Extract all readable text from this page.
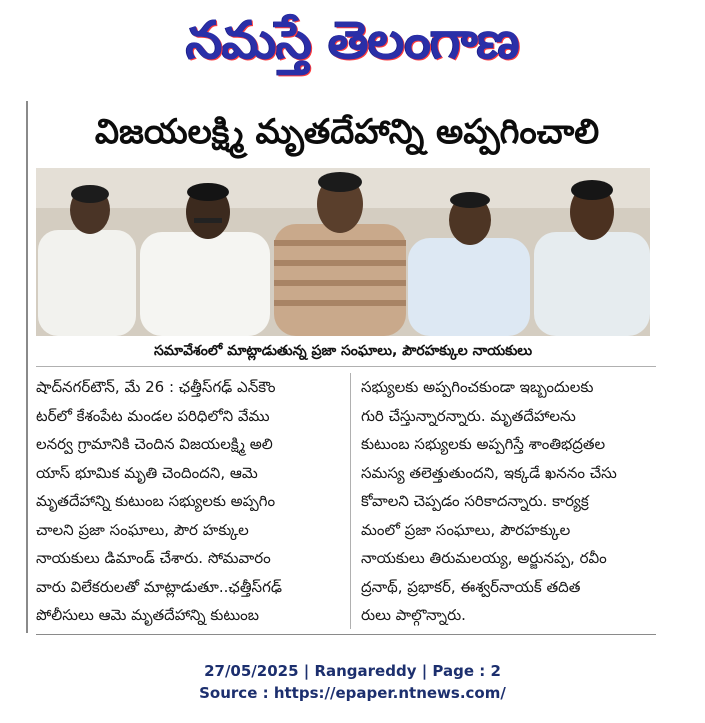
నమస్తే తెలంగాణ
విజయలక్ష్మి మృతదేహాన్ని అప్పగించాలి
సమావేశంలో మాట్లాడుతున్న ప్రజా సంఘాలు, పౌరహక్కుల నాయకులు

షాద్‌నగర్‌టౌన్, మే 26 : ఛత్తీస్‌గఢ్ ఎన్‌కౌం

టర్‌లో కేశంపేట మండల పరిధిలోని వేము

లనర్వ గ్రామానికి చెందిన విజయలక్ష్మి అలి

యాస్ భూమిక మృతి చెందిందని, ఆమె

మృతదేహాన్ని కుటుంబ సభ్యులకు అప్పగిం

చాలని ప్రజా సంఘాలు, పౌర హక్కుల

నాయకులు డిమాండ్ చేశారు. సోమవారం

వారు విలేకరులతో మాట్లాడుతూ..ఛత్తీస్‌గఢ్

పోలీసులు ఆమె మృతదేహాన్ని కుటుంబ

సభ్యులకు అప్పగించకుండా ఇబ్బందులకు

గురి చేస్తున్నారన్నారు. మృతదేహాలను

కుటుంబ సభ్యులకు అప్పగిస్తే శాంతిభద్రతల

సమస్య తలెత్తుతుందని, ఇక్కడే ఖననం చేసు

కోవాలని చెప్పడం సరికాదన్నారు. కార్యక్ర

మంలో ప్రజా సంఘాలు, పౌరహక్కుల

నాయకులు తిరుమలయ్య, అర్జునప్ప, రవీం

ద్రనాథ్, ప్రభాకర్, ఈశ్వర్‌నాయక్ తదిత

రులు పాల్గొన్నారు.

27/05/2025 | Rangareddy | Page : 2
Source : https://epaper.ntnews.com/
